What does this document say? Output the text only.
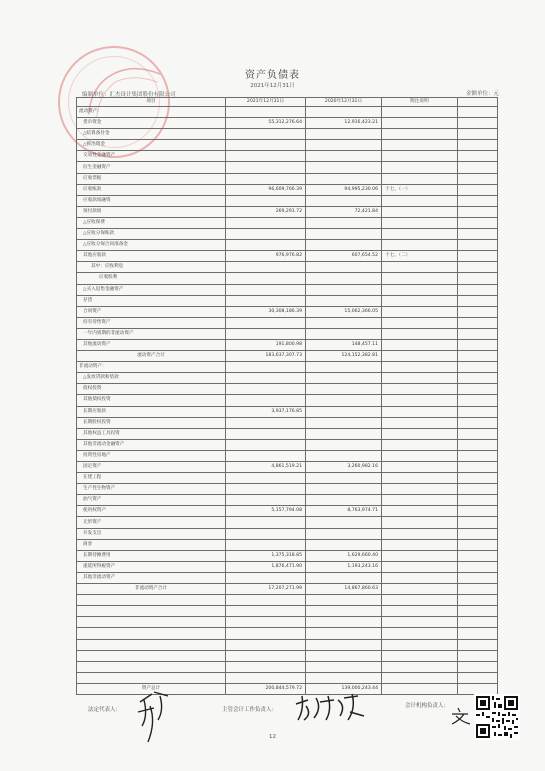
资产负债表
2021年12月31日
编制单位：汇杰设计集团股份有限公司	金额单位：元
项目	2021年12月31日	2020年12月31日	附注说明	
流动资产：				
货币资金	55,312,276.64	12,916,423.21		
△结算备付金				
△拆出资金				
交易性金融资产				
衍生金融资产				
应收票据				
应收账款	96,609,766.39	94,995,230.06	十七、（一）	
应收款项融资				
预付款项	269,291.72	72,421.84		
△应收保费				
△应收分保账款				
△应收分保合同准备金				
其他应收款	976,976.82	607,654.52	十七、（二）	
其中：应收利息				
应收股利				
△买入返售金融资产				
存货				
合同资产	30,308,186.39	15,062,366.05		
持有待售资产				
一年内到期的非流动资产				
其他流动资产	191,800.98	148,457.11		
流动资产合计	183,637,307.73	124,152,382.81		
非流动资产：				
△发放贷款和垫款				
债权投资				
其他债权投资				
长期应收款	3,937,176.85			
长期股权投资				
其他权益工具投资				
其他非流动金融资产				
投资性房地产				
固定资产	4,861,519.21	3,260,982.16		
在建工程				
生产性生物资产				
油气资产				
使用权资产	5,157,794.08	8,763,974.71		
无形资产				
开发支出				
商誉				
长期待摊费用	1,375,318.85	1,629,660.40		
递延所得税资产	1,876,471.90	1,193,243.16		
其他非流动资产				
非流动资产合计	17,207,271.99	14,867,860.63		

资产总计	200,844,579.72	139,000,243.44		
法定代表人：	主管会计工作负责人：
会计机构负责人：
12
